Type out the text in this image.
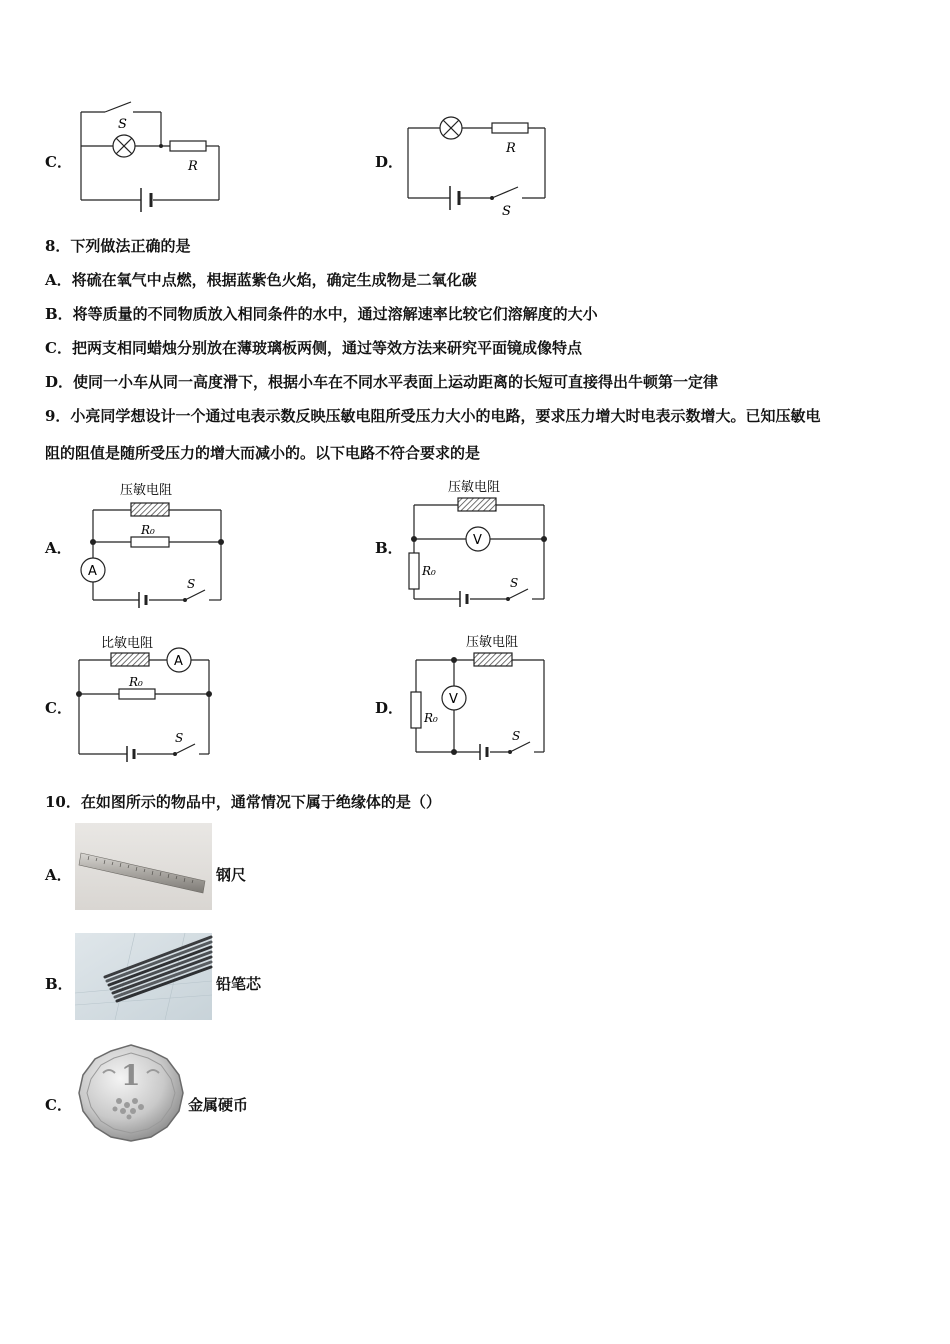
C．
S
R	D．
R
S
8．下列做法正确的是
A．将硫在氧气中点燃，根据蓝紫色火焰，确定生成物是二氧化碳
B．将等质量的不同物质放入相同条件的水中，通过溶解速率比较它们溶解度的大小
C．把两支相同蜡烛分别放在薄玻璃板两侧，通过等效方法来研究平面镜成像特点
D．使同一小车从同一高度滑下，根据小车在不同水平表面上运动距离的长短可直接得出牛顿第一定律
9．小亮同学想设计一个通过电表示数反映压敏电阻所受压力大小的电路，要求压力增大时电表示数增大。已知压敏电
阻的阻值是随所受压力的增大而减小的。以下电路不符合要求的是
A．
压敏电阻
A
R₀
S
B．
压敏电阻
V
R₀
S
C．
比敏电阻
A
R₀
S
D．
压敏电阻
V
R₀
S
10．在如图所示的物品中，通常情况下属于绝缘体的是（）
A．	钢尺
B．	铅笔芯
C．
1
金属硬币
